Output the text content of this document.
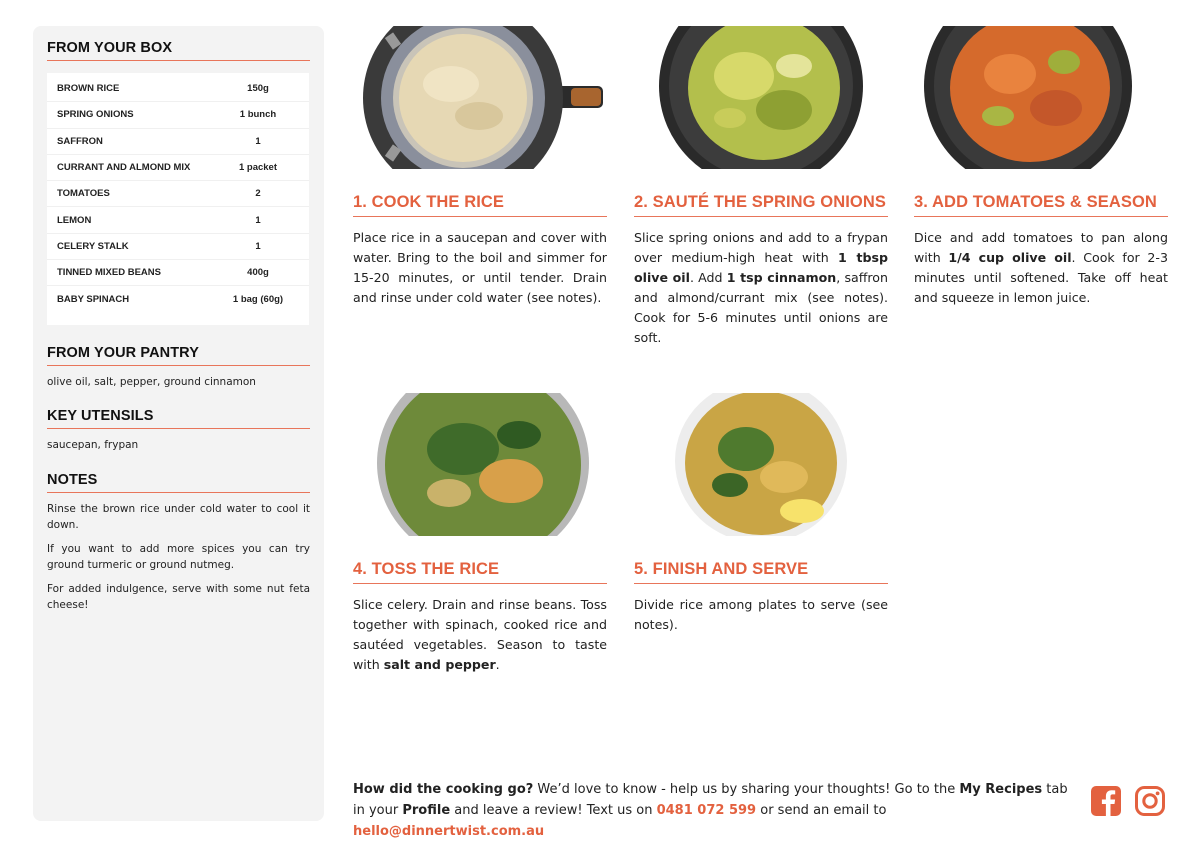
FROM YOUR BOX
BROWN RICE	150g
SPRING ONIONS	1 bunch
SAFFRON	1
CURRANT AND ALMOND MIX	1 packet
TOMATOES	2
LEMON	1
CELERY STALK	1
TINNED MIXED BEANS	400g
BABY SPINACH	1 bag (60g)
FROM YOUR PANTRY
olive oil, salt, pepper, ground cinnamon
KEY UTENSILS
saucepan, frypan
NOTES

Rinse the brown rice under cold water to cool it down.

If you want to add more spices you can try ground turmeric or ground nutmeg.

For added indulgence, serve with some nut feta cheese!

1. COOK THE RICE
Place rice in a saucepan and cover with water. Bring to the boil and simmer for 15-20 minutes, or until tender. Drain and rinse under cold water (see notes).
2. SAUTÉ THE SPRING ONIONS
Slice spring onions and add to a frypan over medium-high heat with 1 tbsp olive oil. Add 1 tsp cinnamon, saffron and almond/currant mix (see notes). Cook for 5-6 minutes until onions are soft.
3. ADD TOMATOES & SEASON
Dice and add tomatoes to pan along with 1/4 cup olive oil. Cook for 2-3 minutes until softened. Take off heat and squeeze in lemon juice.
4. TOSS THE RICE
Slice celery. Drain and rinse beans. Toss together with spinach, cooked rice and sautéed vegetables. Season to taste with salt and pepper.
5. FINISH AND SERVE
Divide rice among plates to serve (see notes).
How did the cooking go? We’d love to know - help us by sharing your thoughts! Go to the My Recipes tab in your Profile and leave a review! Text us on 0481 072 599 or send an email to hello@dinnertwist.com.au
